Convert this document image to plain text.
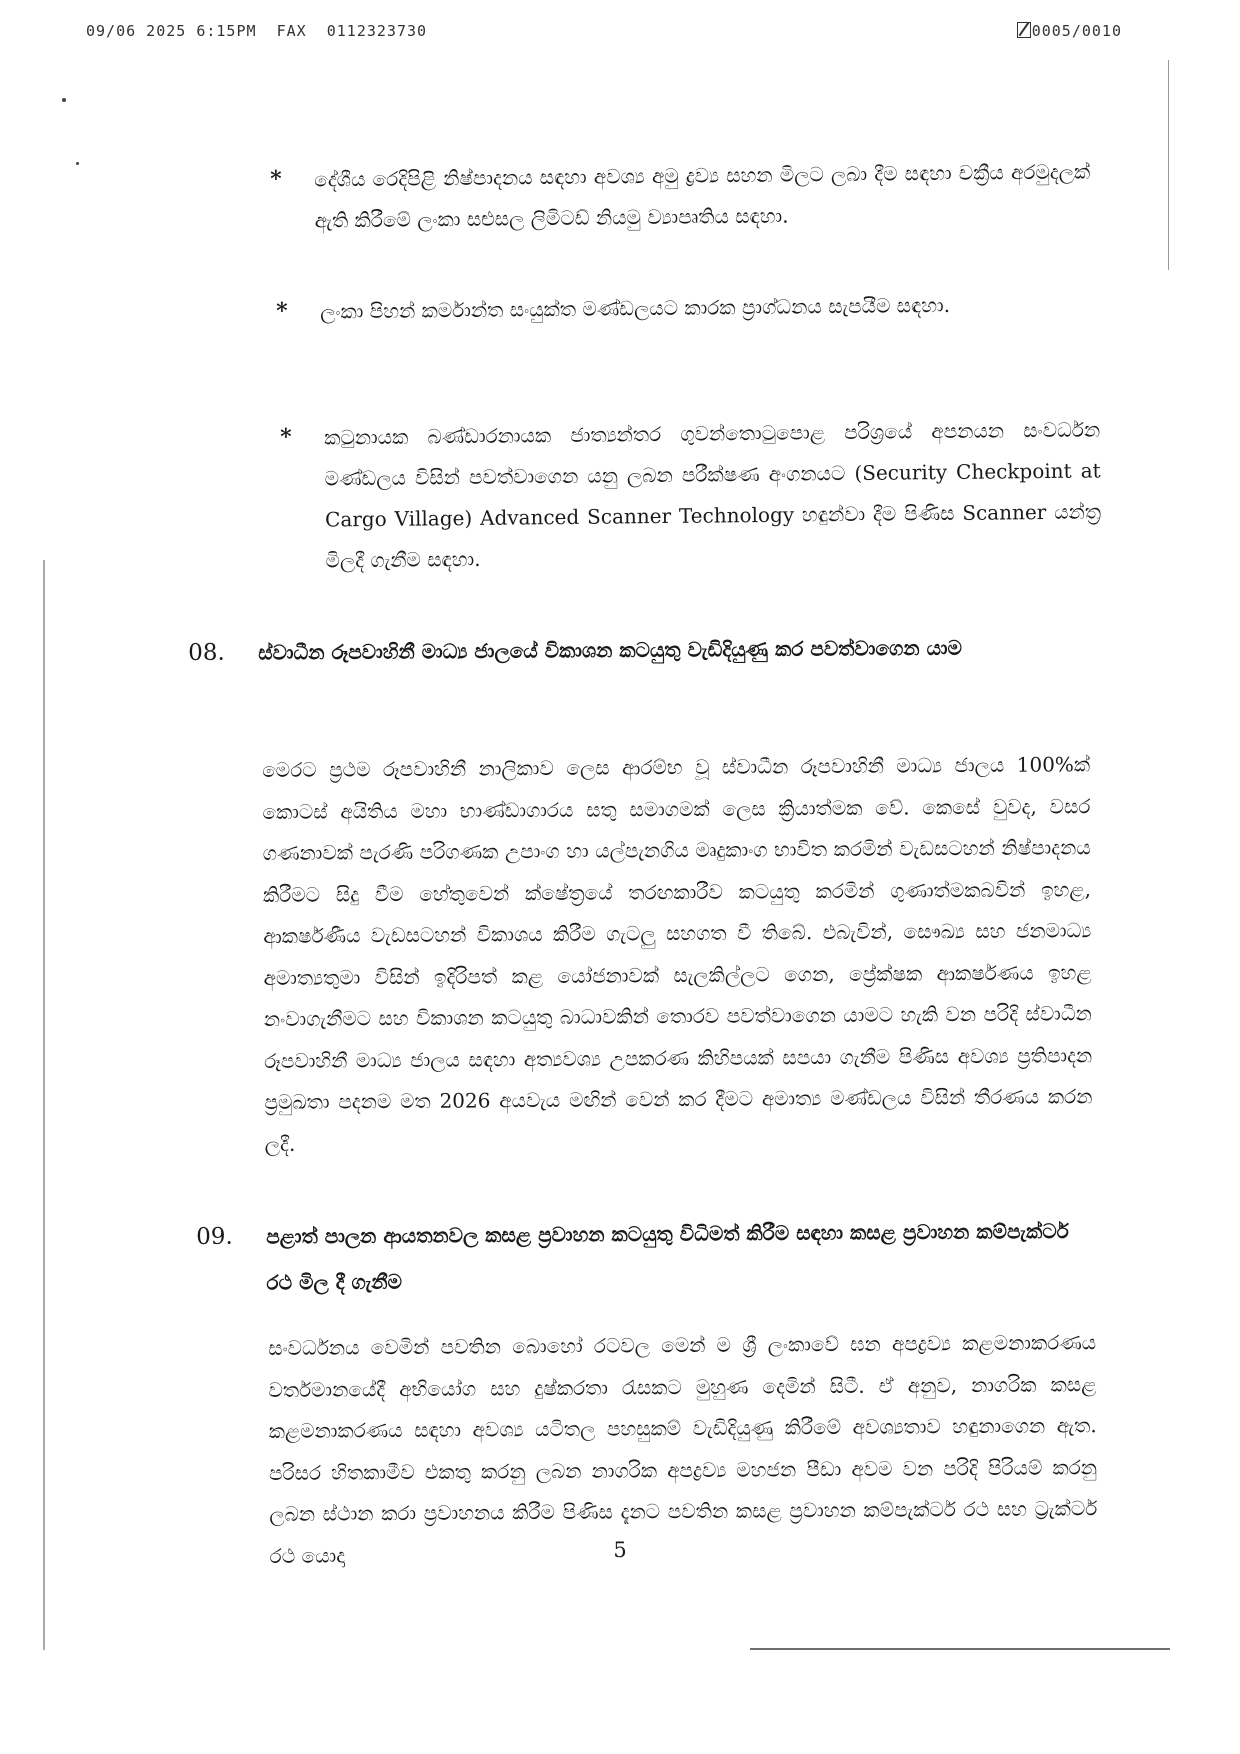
09/06 2025 6:15PM FAX 0112323730	0005/0010
* දේශීය රෙදිපිළි නිෂ්පාදනය සඳහා අවශ්‍ය අමු ද්‍රව්‍ය සහන මිලට ලබා දීම සඳහා චක්‍රීය අරමුදලක් ඇති කිරීමේ ලංකා සළුසල ලිමිටඩ් නියමු ව්‍යාපෘතිය සඳහා.
* ලංකා පිහන් කර්මාන්ත සංයුක්ත මණ්ඩලයට කාරක ප්‍රාග්ධනය සැපයීම සඳහා.
* කටුනායක බණ්ඩාරනායක ජාත්‍යන්තර ගුවන්තොටුපොළ පරිශ්‍රයේ අපනයන සංවර්ධන මණ්ඩලය විසින් පවත්වාගෙන යනු ලබන පරීක්ෂණ අංගනයට (Security Checkpoint at Cargo Village) Advanced Scanner Technology හඳුන්වා දීම පිණිස Scanner යන්ත්‍ර මිලදී ගැනීම සඳහා.
08. ස්වාධීන රූපවාහිනී මාධ්‍ය ජාලයේ විකාශන කටයුතු වැඩිදියුණු කර පවත්වාගෙන යාම
මෙරට ප්‍රථම රූපවාහිනී නාලිකාව ලෙස ආරම්භ වූ ස්වාධීන රූපවාහිනී මාධ්‍ය ජාලය 100%ක් කොටස් අයිතිය මහා භාණ්ඩාගාරය සතු සමාගමක් ලෙස ක්‍රියාත්මක වේ. කෙසේ වුවද, වසර ගණනාවක් පැරණි පරිගණක උපාංග හා යල්පැනගිය මෘදුකාංග භාවිත කරමින් වැඩසටහන් නිෂ්පාදනය කිරීමට සිදු වීම හේතුවෙන් ක්ෂේත්‍රයේ තරඟකාරීව කටයුතු කරමින් ගුණාත්මකබවින් ඉහළ, ආකර්ෂණීය වැඩසටහන් විකාශය කිරීම ගැටලු සහගත වී තිබේ. එබැවින්, සෞඛ්‍ය සහ ජනමාධ්‍ය අමාත්‍යතුමා විසින් ඉදිරිපත් කළ යෝජනාවක් සැලකිල්ලට ගෙන, ප්‍රේක්ෂක ආකර්ෂණය ඉහළ නංවාගැනීමට සහ විකාශන කටයුතු බාධාවකින් තොරව පවත්වාගෙන යාමට හැකි වන පරිදි ස්වාධීන රූපවාහිනී මාධ්‍ය ජාලය සඳහා අත්‍යවශ්‍ය උපකරණ කිහිපයක් සපයා ගැනීම පිණිස අවශ්‍ය ප්‍රතිපාදන ප්‍රමුඛතා පදනම මත 2026 අයවැය මඟින් වෙන් කර දීමට අමාත්‍ය මණ්ඩලය විසින් තීරණය කරන ලදී.
09. පළාත් පාලන ආයතනවල කසළ ප්‍රවාහන කටයුතු විධිමත් කිරීම සඳහා කසළ ප්‍රවාහන කම්පැක්ටර් රථ මිල දී ගැනීම
සංවර්ධනය වෙමින් පවතින බොහෝ රටවල මෙන් ම ශ්‍රී ලංකාවේ ඝන අපද්‍රව්‍ය කළමනාකරණය වර්තමානයේදී අභියෝග සහ දුෂ්කරතා රැසකට මුහුණ දෙමින් සිටී. ඒ අනුව, නාගරික කසළ කළමනාකරණය සඳහා අවශ්‍ය යටිතල පහසුකම් වැඩිදියුණු කිරීමේ අවශ්‍යතාව හඳුනාගෙන ඇත. පරිසර හිතකාමීව එකතු කරනු ලබන නාගරික අපද්‍රව්‍ය මහජන පීඩා අවම වන පරිදි පිරියම් කරනු ලබන ස්ථාන කරා ප්‍රවාහනය කිරීම පිණිස දැනට පවතින කසළ ප්‍රවාහන කම්පැක්ටර් රථ සහ ට්‍රැක්ටර් රථ යොදා	5
